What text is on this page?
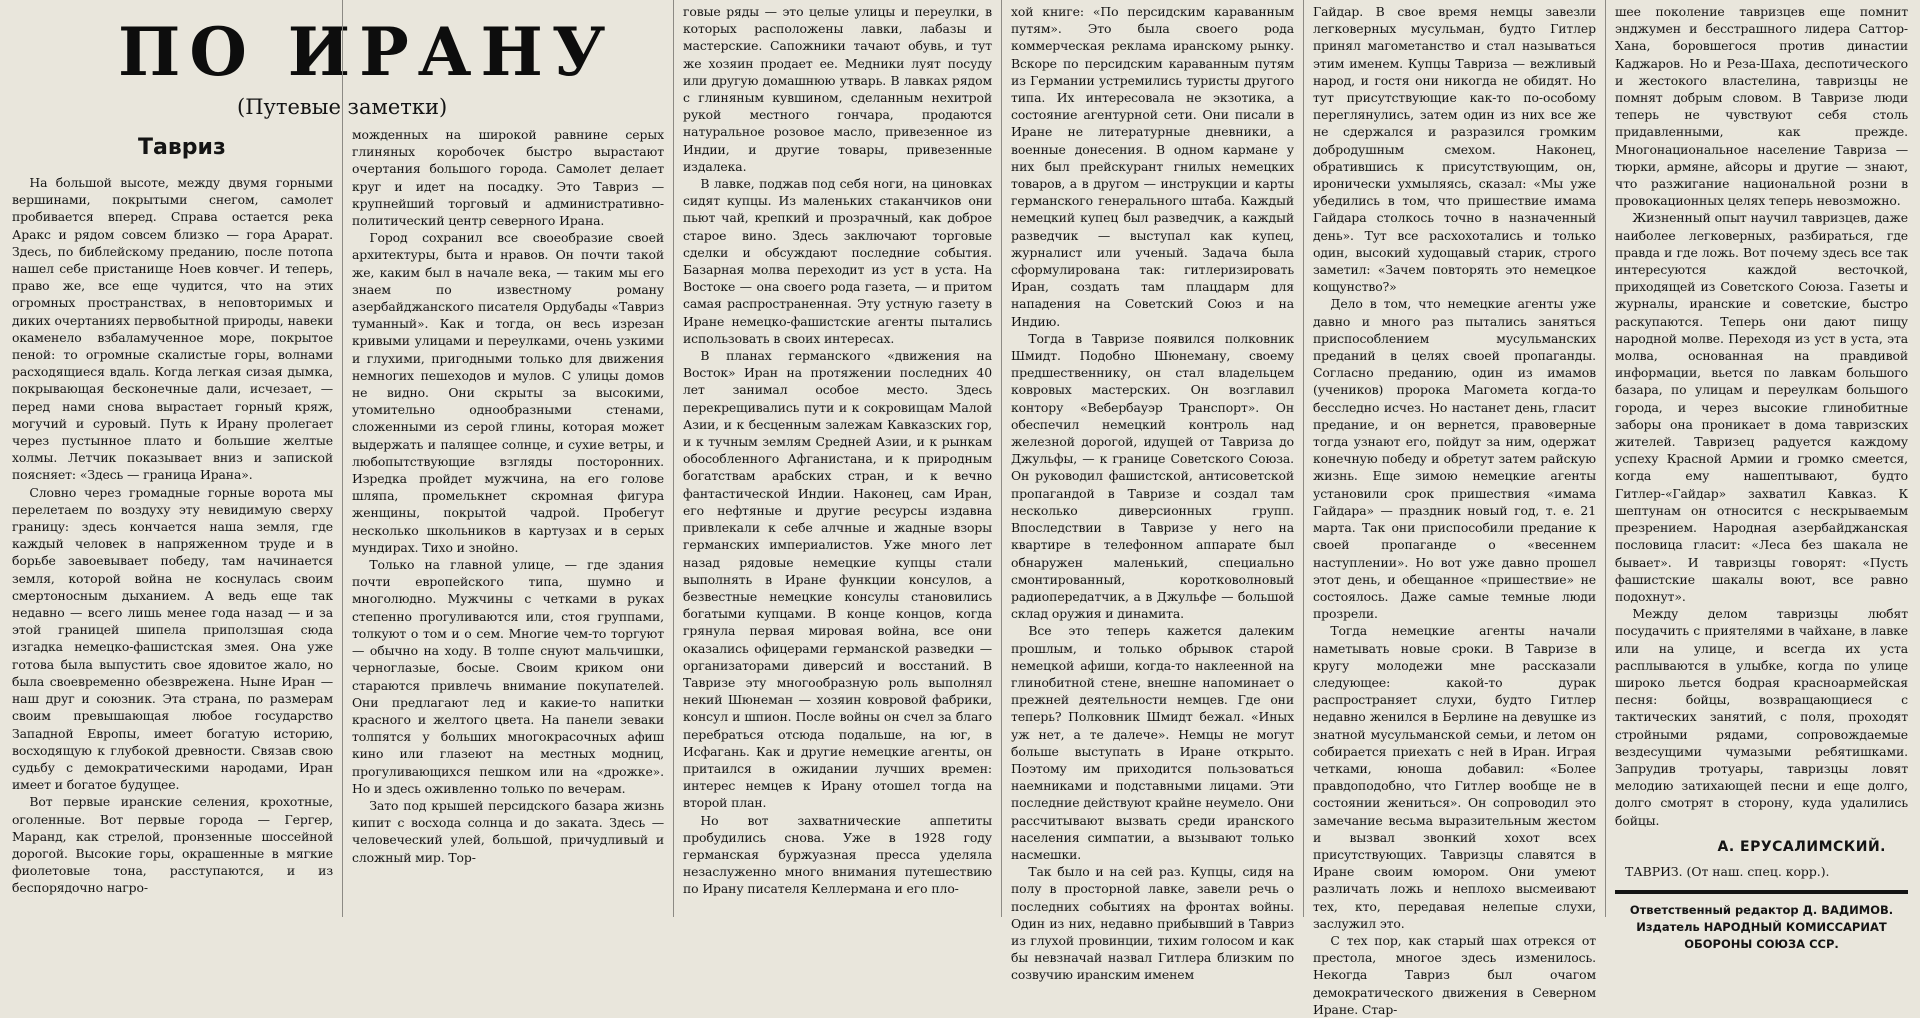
ПО ИРАНУ
(Путевые заметки)
Тавриз

На большой высоте, между двумя горными вершинами, покрытыми снегом, самолет пробивается вперед. Справа остается река Аракс и рядом совсем близко — гора Арарат. Здесь, по библейскому преданию, после потопа нашел себе пристанище Ноев ковчег. И теперь, право же, все еще чудится, что на этих огромных пространствах, в неповторимых и диких очертаниях первобытной природы, навеки окаменело взбаламученное море, покрытое пеной: то огромные скалистые горы, волнами расходящиеся вдаль. Когда легкая сизая дымка, покрывающая бесконечные дали, исчезает, — перед нами снова вырастает горный кряж, могучий и суровый. Путь к Ирану пролегает через пустынное плато и большие желтые холмы. Летчик показывает вниз и запиской поясняет: «Здесь — граница Ирана».

Словно через громадные горные ворота мы перелетаем по воздуху эту невидимую сверху границу: здесь кончается наша земля, где каждый человек в напряженном труде и в борьбе завоевывает победу, там начинается земля, которой война не коснулась своим смертоносным дыханием. А ведь еще так недавно — всего лишь менее года назад — и за этой границей шипела приползшая сюда изгадка немецко-фашистская змея. Она уже готова была выпустить свое ядовитое жало, но была своевременно обезврежена. Ныне Иран — наш друг и союзник. Эта страна, по размерам своим превышающая любое государство Западной Европы, имеет богатую историю, восходящую к глубокой древности. Связав свою судьбу с демократическими народами, Иран имеет и богатое будущее.

Вот первые иранские селения, крохотные, оголенные. Вот первые города — Гергер, Маранд, как стрелой, пронзенные шоссейной дорогой. Высокие горы, окрашенные в мягкие фиолетовые тона, расступаются, и из беспорядочно нагро-

можденных на широкой равнине серых глиняных коробочек быстро вырастают очертания большого города. Самолет делает круг и идет на посадку. Это Тавриз — крупнейший торговый и административно-политический центр северного Ирана.

Город сохранил все своеобразие своей архитектуры, быта и нравов. Он почти такой же, каким был в начале века, — таким мы его знаем по известному роману азербайджанского писателя Ордубады «Тавриз туманный». Как и тогда, он весь изрезан кривыми улицами и переулками, очень узкими и глухими, пригодными только для движения немногих пешеходов и мулов. С улицы домов не видно. Они скрыты за высокими, утомительно однообразными стенами, сложенными из серой глины, которая может выдержать и палящее солнце, и сухие ветры, и любопытствующие взгляды посторонних. Изредка пройдет мужчина, на его голове шляпа, промелькнет скромная фигура женщины, покрытой чадрой. Пробегут несколько школьников в картузах и в серых мундирах. Тихо и знойно.

Только на главной улице, — где здания почти европейского типа, шумно и многолюдно. Мужчины с четками в руках степенно прогуливаются или, стоя группами, толкуют о том и о сем. Многие чем-то торгуют — обычно на ходу. В толпе снуют мальчишки, черноглазые, босые. Своим криком они стараются привлечь внимание покупателей. Они предлагают лед и какие-то напитки красного и желтого цвета. На панели зеваки толпятся у больших многокрасочных афиш кино или глазеют на местных модниц, прогуливающихся пешком или на «дрожке». Но и здесь оживленно только по вечерам.

Зато под крышей персидского базара жизнь кипит с восхода солнца и до заката. Здесь — человеческий улей, большой, причудливый и сложный мир. Тор-

говые ряды — это целые улицы и переулки, в которых расположены лавки, лабазы и мастерские. Сапожники тачают обувь, и тут же хозяин продает ее. Медники луят посуду или другую домашнюю утварь. В лавках рядом с глиняным кувшином, сделанным нехитрой рукой местного гончара, продаются натуральное розовое масло, привезенное из Индии, и другие товары, привезенные издалека.

В лавке, поджав под себя ноги, на циновках сидят купцы. Из маленьких стаканчиков они пьют чай, крепкий и прозрачный, как доброе старое вино. Здесь заключают торговые сделки и обсуждают последние события. Базарная молва переходит из уст в уста. На Востоке — она своего рода газета, — и притом самая распространенная. Эту устную газету в Иране немецко-фашистские агенты пытались использовать в своих интересах.

В планах германского «движения на Восток» Иран на протяжении последних 40 лет занимал особое место. Здесь перекрещивались пути и к сокровищам Малой Азии, и к бесценным залежам Кавказских гор, и к тучным землям Средней Азии, и к рынкам обособленного Афганистана, и к природным богатствам арабских стран, и к вечно фантастической Индии. Наконец, сам Иран, его нефтяные и другие ресурсы издавна привлекали к себе алчные и жадные взоры германских империалистов. Уже много лет назад рядовые немецкие купцы стали выполнять в Иране функции консулов, а безвестные немецкие консулы становились богатыми купцами. В конце концов, когда грянула первая мировая война, все они оказались офицерами германской разведки — организаторами диверсий и восстаний. В Тавризе эту многообразную роль выполнял некий Шюнеман — хозяин ковровой фабрики, консул и шпион. После войны он счел за благо перебраться отсюда подальше, на юг, в Исфагань. Как и другие немецкие агенты, он притаился в ожидании лучших времен: интерес немцев к Ирану отошел тогда на второй план.

Но вот захватнические аппетиты пробудились снова. Уже в 1928 году германская буржуазная пресса уделяла незаслуженно много внимания путешествию по Ирану писателя Келлермана и его пло-

хой книге: «По персидским караванным путям». Это была своего рода коммерческая реклама иранскому рынку. Вскоре по персидским караванным путям из Германии устремились туристы другого типа. Их интересовала не экзотика, а состояние агентурной сети. Они писали в Иране не литературные дневники, а военные донесения. В одном кармане у них был прейскурант гнилых немецких товаров, а в другом — инструкции и карты германского генерального штаба. Каждый немецкий купец был разведчик, а каждый разведчик — выступал как купец, журналист или ученый. Задача была сформулирована так: гитлеризировать Иран, создать там плацдарм для нападения на Советский Союз и на Индию.

Тогда в Тавризе появился полковник Шмидт. Подобно Шюнеману, своему предшественнику, он стал владельцем ковровых мастерских. Он возглавил контору «Вебербауэр Транспорт». Он обеспечил немецкий контроль над железной дорогой, идущей от Тавриза до Джульфы, — к границе Советского Союза. Он руководил фашистской, антисоветской пропагандой в Тавризе и создал там несколько диверсионных групп. Впоследствии в Тавризе у него на квартире в телефонном аппарате был обнаружен маленький, специально смонтированный, коротковолновый радиопередатчик, а в Джульфе — большой склад оружия и динамита.

Все это теперь кажется далеким прошлым, и только обрывок старой немецкой афиши, когда-то наклеенной на глинобитной стене, внешне напоминает о прежней деятельности немцев. Где они теперь? Полковник Шмидт бежал. «Иных уж нет, а те далече». Немцы не могут больше выступать в Иране открыто. Поэтому им приходится пользоваться наемниками и подставными лицами. Эти последние действуют крайне неумело. Они рассчитывают вызвать среди иранского населения симпатии, а вызывают только насмешки.

Так было и на сей раз. Купцы, сидя на полу в просторной лавке, завели речь о последних событиях на фронтах войны. Один из них, недавно прибывший в Тавриз из глухой провинции, тихим голосом и как бы невзначай назвал Гитлера близким по созвучию иранским именем

Гайдар. В свое время немцы завезли легковерных мусульман, будто Гитлер принял магометанство и стал называться этим именем. Купцы Тавриза — вежливый народ, и гостя они никогда не обидят. Но тут присутствующие как-то по-особому переглянулись, затем один из них все же не сдержался и разразился громким добродушным смехом. Наконец, обратившись к присутствующим, он, иронически ухмыляясь, сказал: «Мы уже убедились в том, что пришествие имама Гайдара столкось точно в назначенный день». Тут все расхохотались и только один, высокий худощавый старик, строго заметил: «Зачем повторять это немецкое кощунство?»

Дело в том, что немецкие агенты уже давно и много раз пытались заняться приспособлением мусульманских преданий в целях своей пропаганды. Согласно преданию, один из имамов (учеников) пророка Магомета когда-то бесследно исчез. Но настанет день, гласит предание, и он вернется, правоверные тогда узнают его, пойдут за ним, одержат конечную победу и обретут затем райскую жизнь. Еще зимою немецкие агенты установили срок пришествия «имама Гайдара» — праздник новый год, т. е. 21 марта. Так они приспособили предание к своей пропаганде о «весеннем наступлении». Но вот уже давно прошел этот день, и обещанное «пришествие» не состоялось. Даже самые темные люди прозрели.

Тогда немецкие агенты начали наметывать новые сроки. В Тавризе в кругу молодежи мне рассказали следующее: какой-то дурак распространяет слухи, будто Гитлер недавно женился в Берлине на девушке из знатной мусульманской семьи, и летом он собирается приехать с ней в Иран. Играя четками, юноша добавил: «Более правдоподобно, что Гитлер вообще не в состоянии жениться». Он сопроводил это замечание весьма выразительным жестом и вызвал звонкий хохот всех присутствующих. Тавризцы славятся в Иране своим юмором. Они умеют различать ложь и неплохо высмеивают тех, кто, передавая нелепые слухи, заслужил это.

С тех пор, как старый шах отрекся от престола, многое здесь изменилось. Некогда Тавриз был очагом демократического движения в Северном Иране. Стар-

шее поколение тавризцев еще помнит энджумен и бесстрашного лидера Саттор-Хана, боровшегося против династии Каджаров. Но и Реза-Шаха, деспотического и жестокого властелина, тавризцы не помнят добрым словом. В Тавризе люди теперь не чувствуют себя столь придавленными, как прежде. Многонациональное население Тавриза — тюрки, армяне, айсоры и другие — знают, что разжигание национальной розни в провокационных целях теперь невозможно.

Жизненный опыт научил тавризцев, даже наиболее легковерных, разбираться, где правда и где ложь. Вот почему здесь все так интересуются каждой весточкой, приходящей из Советского Союза. Газеты и журналы, иранские и советские, быстро раскупаются. Теперь они дают пищу народной молве. Переходя из уст в уста, эта молва, основанная на правдивой информации, вьется по лавкам большого базара, по улицам и переулкам большого города, и через высокие глинобитные заборы она проникает в дома тавризских жителей. Тавризец радуется каждому успеху Красной Армии и громко смеется, когда ему нашептывают, будто Гитлер-«Гайдар» захватил Кавказ. К шептунам он относится с нескрываемым презрением. Народная азербайджанская пословица гласит: «Леса без шакала не бывает». И тавризцы говорят: «Пусть фашистские шакалы воют, все равно подохнут».

Между делом тавризцы любят посудачить с приятелями в чайхане, в лавке или на улице, и всегда их уста расплываются в улыбке, когда по улице широко льется бодрая красноармейская песня: бойцы, возвращающиеся с тактических занятий, с поля, проходят стройными рядами, сопровождаемые вездесущими чумазыми ребятишками. Запрудив тротуары, тавризцы ловят мелодию затихающей песни и еще долго, долго смотрят в сторону, куда удалились бойцы.

А. ЕРУСАЛИМСКИЙ.
ТАВРИЗ. (От наш. спец. корр.).
Ответственный редактор Д. ВАДИМОВ.
Издатель НАРОДНЫЙ КОМИССАРИАТ
ОБОРОНЫ СОЮЗА ССР.
